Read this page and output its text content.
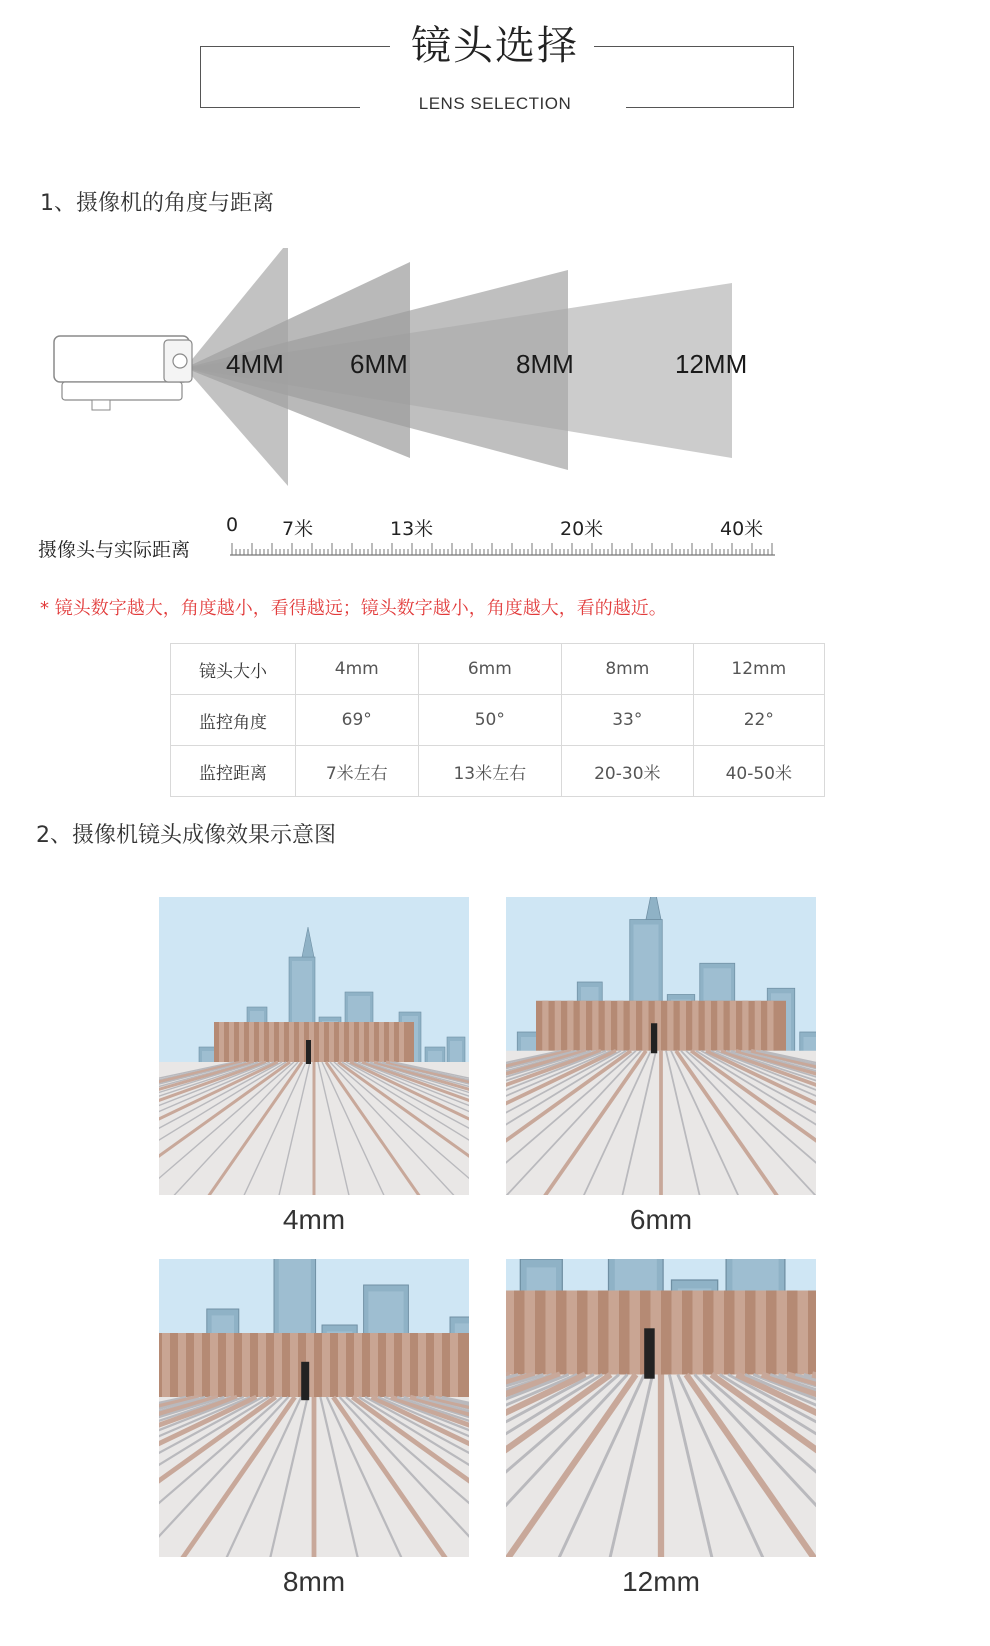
镜头选择
LENS SELECTION
1、摄像机的角度与距离
4MM	6MM	8MM	12MM
摄像头与实际距离
0 7米	13米	20米	40米
* 镜头数字越大，角度越小，看得越远；镜头数字越小，角度越大，看的越近。
镜头大小	4mm	6mm	8mm	12mm
监控角度	69°	50°	33°	22°
监控距离	7米左右	13米左右	20-30米	40-50米
2、摄像机镜头成像效果示意图
4mm	6mm
8mm	12mm
